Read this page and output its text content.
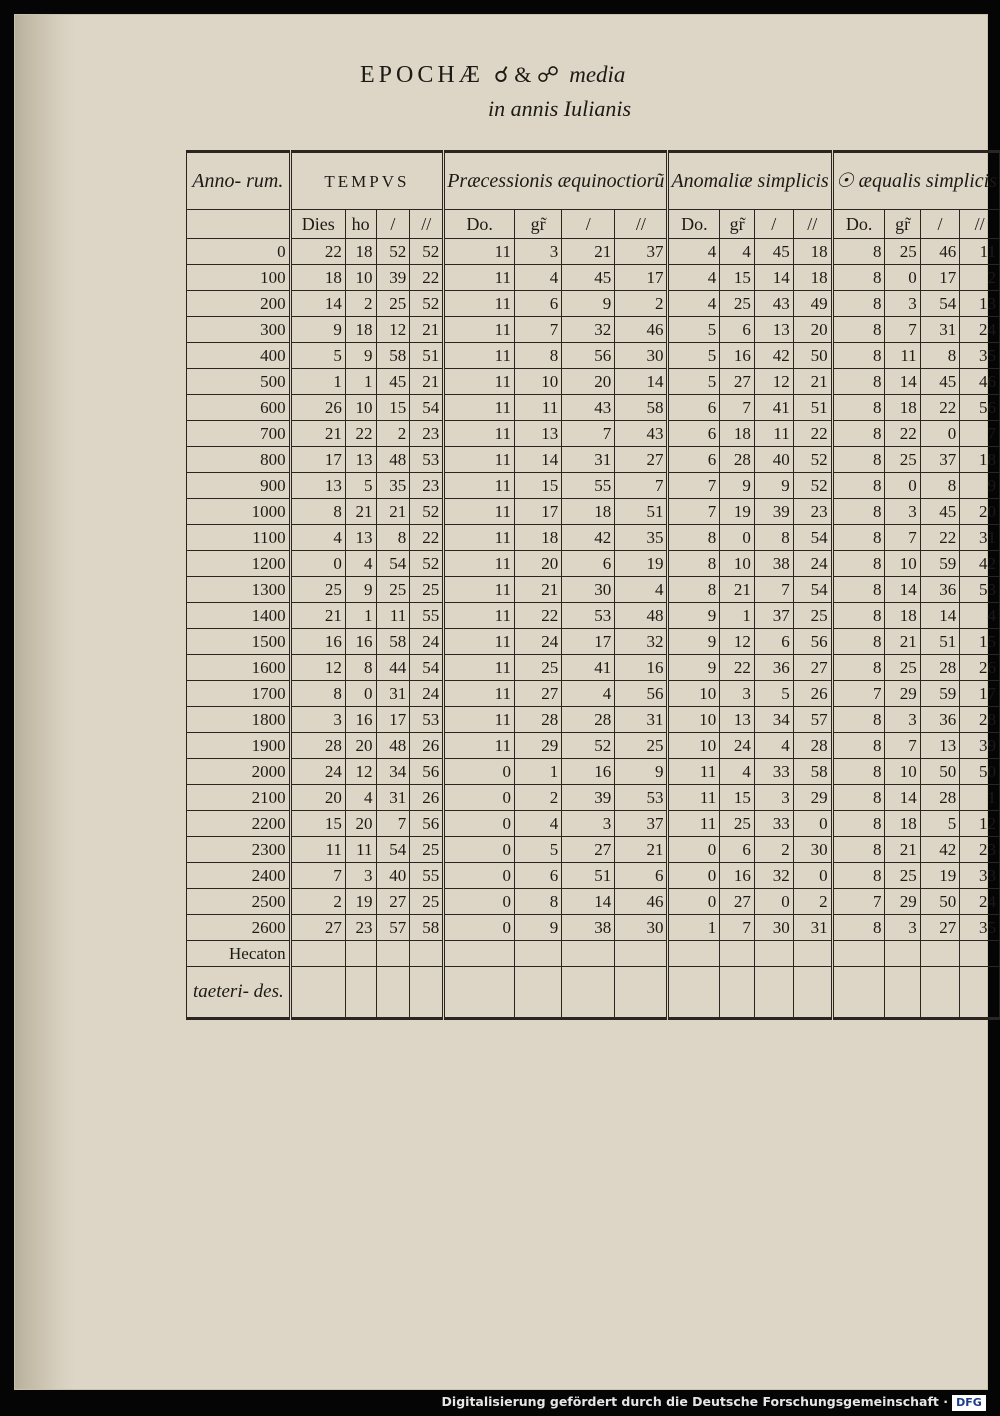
EPOCHÆ ☌ & ☍ media
in annis Iulianis
Anno- rum.	TEMPVS				Præcessionis æquinoctiorũ				Anomaliæ simplicis				☉ æqualis simplicis			
	Dies	ho	/	//	Do.	gr̃	/	//	Do.	gr̃	/	//	Do.	gr̃	/	//
0	22	18	52	52	11	3	21	37	4	4	45	18	8	25	46	11
100	18	10	39	22	11	4	45	17	4	15	14	18	8	0	17	2
200	14	2	25	52	11	6	9	2	4	25	43	49	8	3	54	13
300	9	18	12	21	11	7	32	46	5	6	13	20	8	7	31	24
400	5	9	58	51	11	8	56	30	5	16	42	50	8	11	8	35
500	1	1	45	21	11	10	20	14	5	27	12	21	8	14	45	46
600	26	10	15	54	11	11	43	58	6	7	41	51	8	18	22	56
700	21	22	2	23	11	13	7	43	6	18	11	22	8	22	0	7
800	17	13	48	53	11	14	31	27	6	28	40	52	8	25	37	18
900	13	5	35	23	11	15	55	7	7	9	9	52	8	0	8	9
1000	8	21	21	52	11	17	18	51	7	19	39	23	8	3	45	20
1100	4	13	8	22	11	18	42	35	8	0	8	54	8	7	22	31
1200	0	4	54	52	11	20	6	19	8	10	38	24	8	10	59	42
1300	25	9	25	25	11	21	30	4	8	21	7	54	8	14	36	53
1400	21	1	11	55	11	22	53	48	9	1	37	25	8	18	14	4
1500	16	16	58	24	11	24	17	32	9	12	6	56	8	21	51	15
1600	12	8	44	54	11	25	41	16	9	22	36	27	8	25	28	26
1700	8	0	31	24	11	27	4	56	10	3	5	26	7	29	59	17
1800	3	16	17	53	11	28	28	31	10	13	34	57	8	3	36	28
1900	28	20	48	26	11	29	52	25	10	24	4	28	8	7	13	39
2000	24	12	34	56	0	1	16	9	11	4	33	58	8	10	50	50
2100	20	4	31	26	0	2	39	53	11	15	3	29	8	14	28	1
2200	15	20	7	56	0	4	3	37	11	25	33	0	8	18	5	12
2300	11	11	54	25	0	5	27	21	0	6	2	30	8	21	42	23
2400	7	3	40	55	0	6	51	6	0	16	32	0	8	25	19	33
2500	2	19	27	25	0	8	14	46	0	27	0	2	7	29	50	24
2600	27	23	57	58	0	9	38	30	1	7	30	31	8	3	27	35
Hecaton																
taeteri- des.																
Digitalisierung gefördert durch die Deutsche Forschungsgemeinschaft · DFG
